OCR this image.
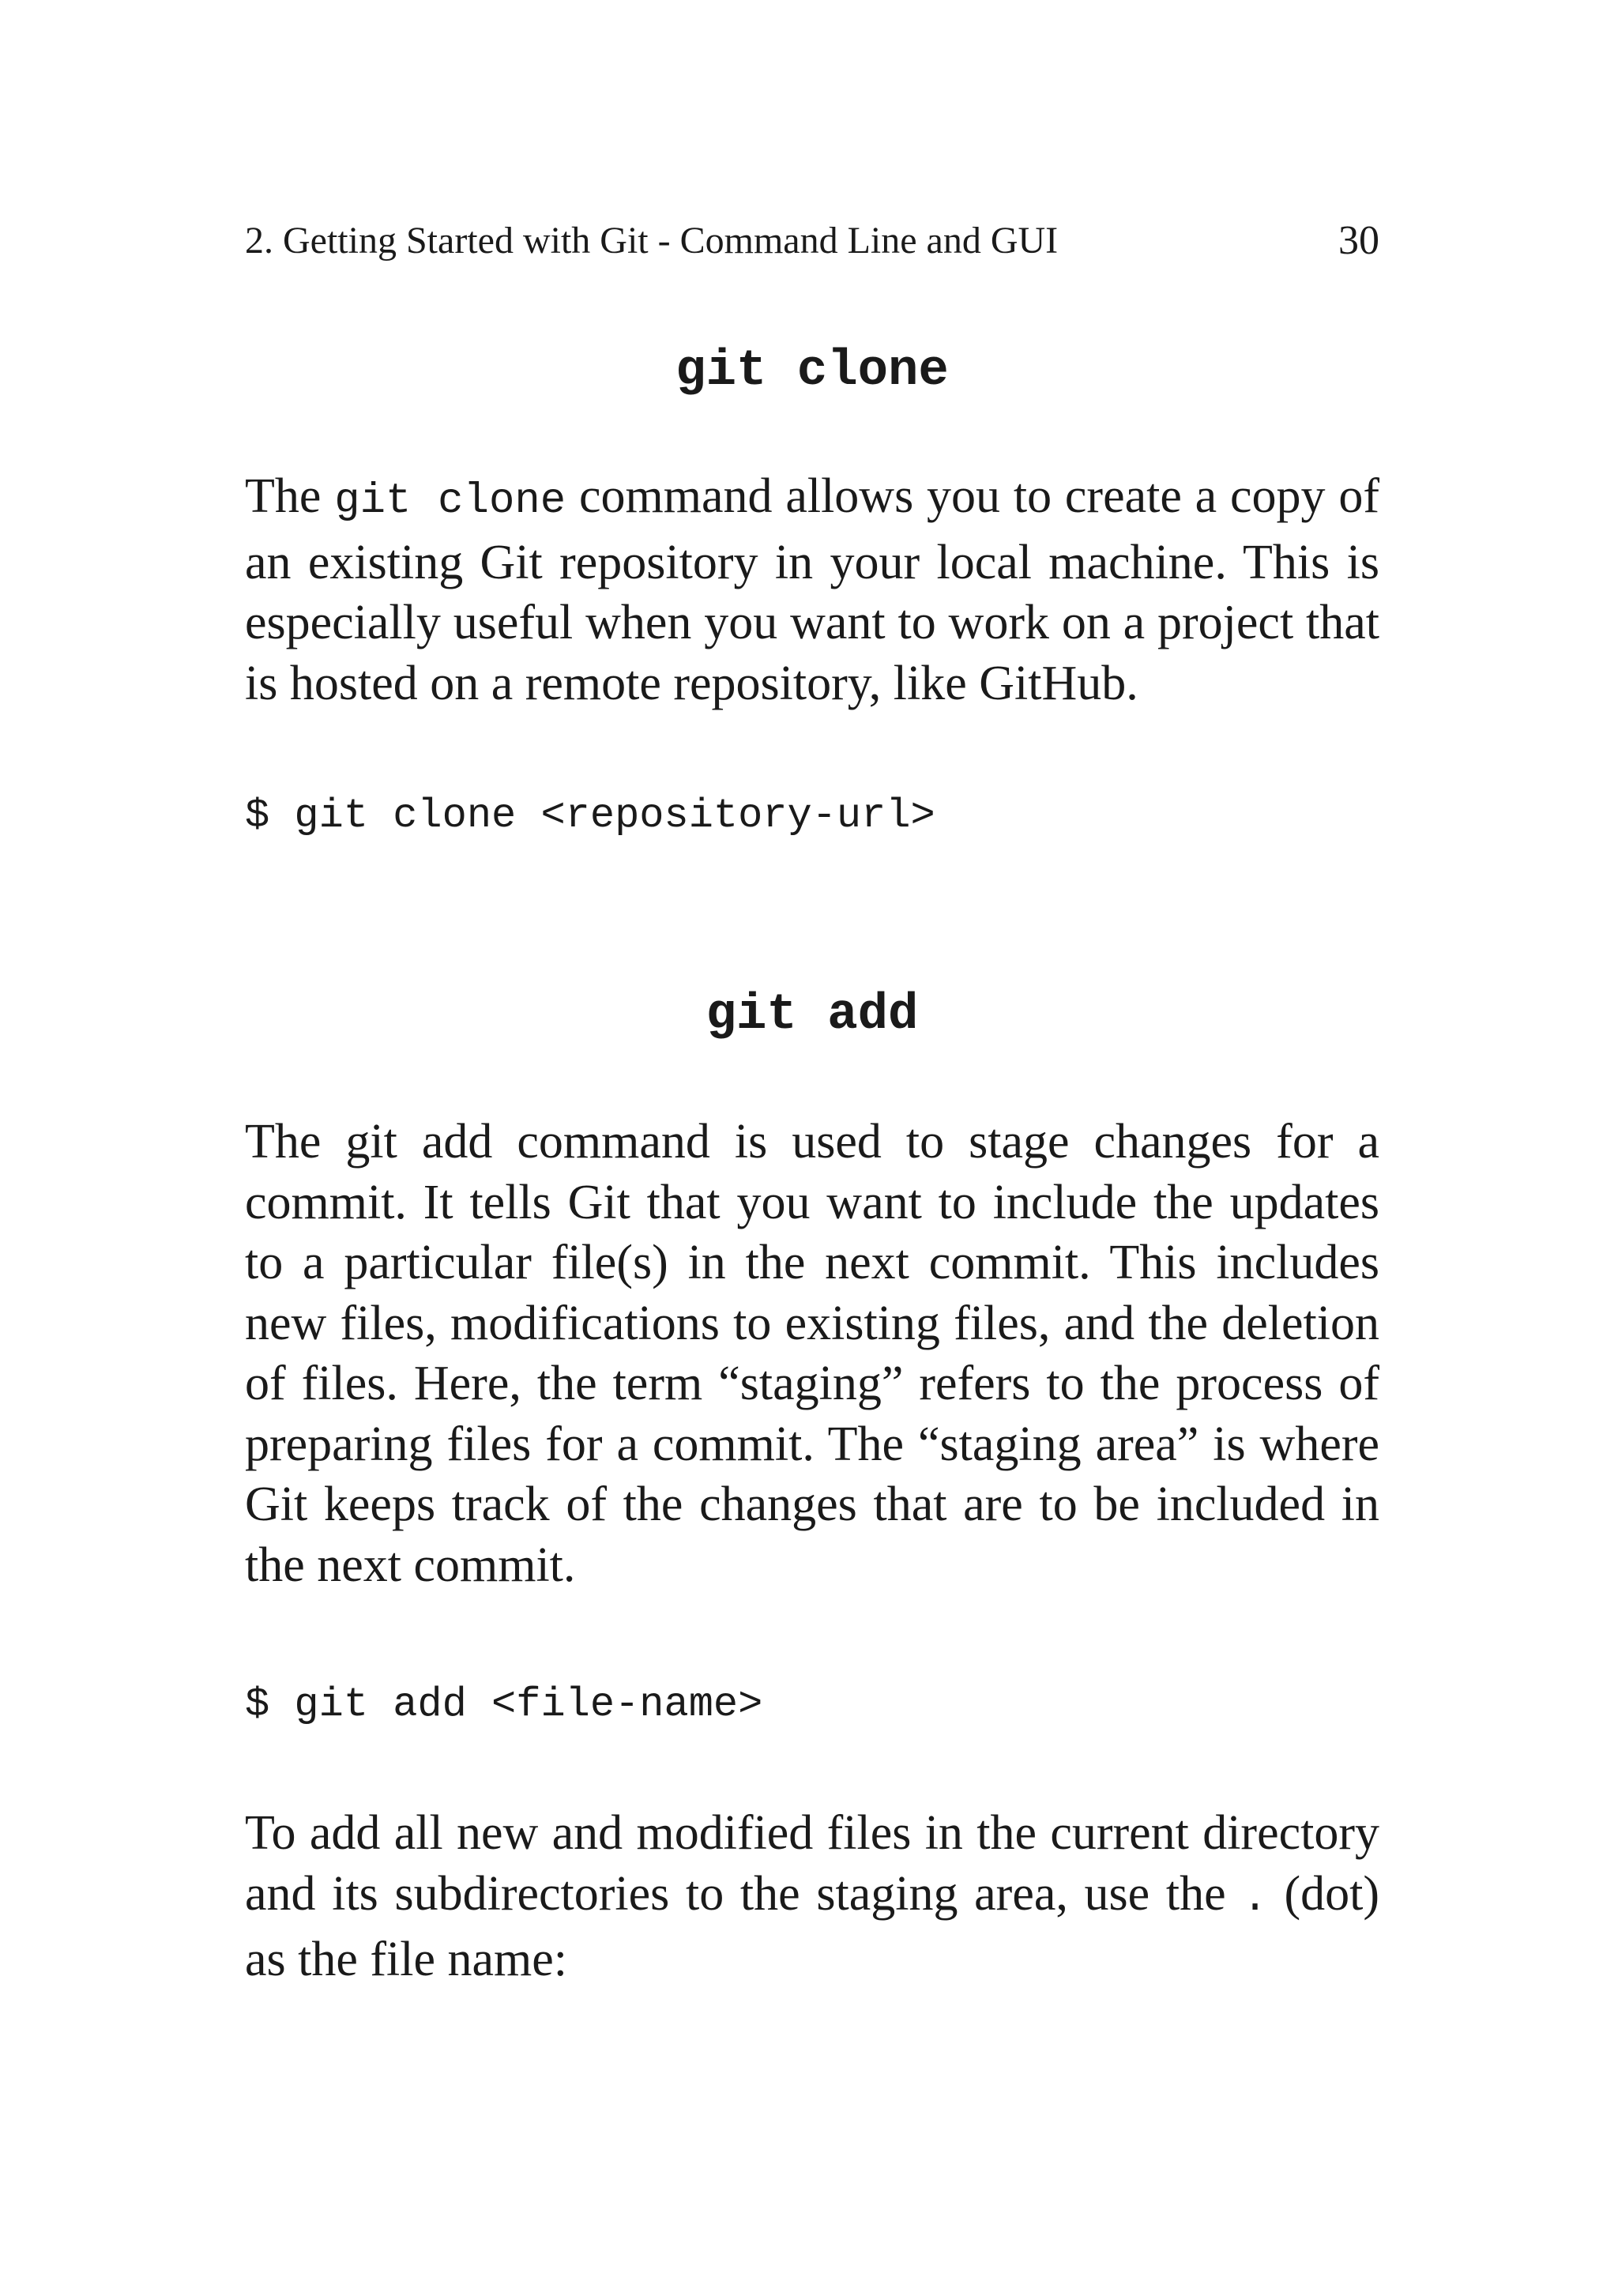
2. Getting Started with Git - Command Line and GUI	30
git clone

The git clone command allows you to create a copy of an existing Git repository in your local machine. This is especially useful when you want to work on a project that is hosted on a remote repository, like GitHub.

$ git clone <repository-url>
git add

The git add command is used to stage changes for a commit. It tells Git that you want to include the updates to a particular file(s) in the next commit. This includes new files, modifications to existing files, and the deletion of files. Here, the term “staging” refers to the process of preparing files for a commit. The “staging area” is where Git keeps track of the changes that are to be included in the next commit.

$ git add <file-name>

To add all new and modified files in the current directory and its subdirectories to the staging area, use the . (dot) as the file name:
